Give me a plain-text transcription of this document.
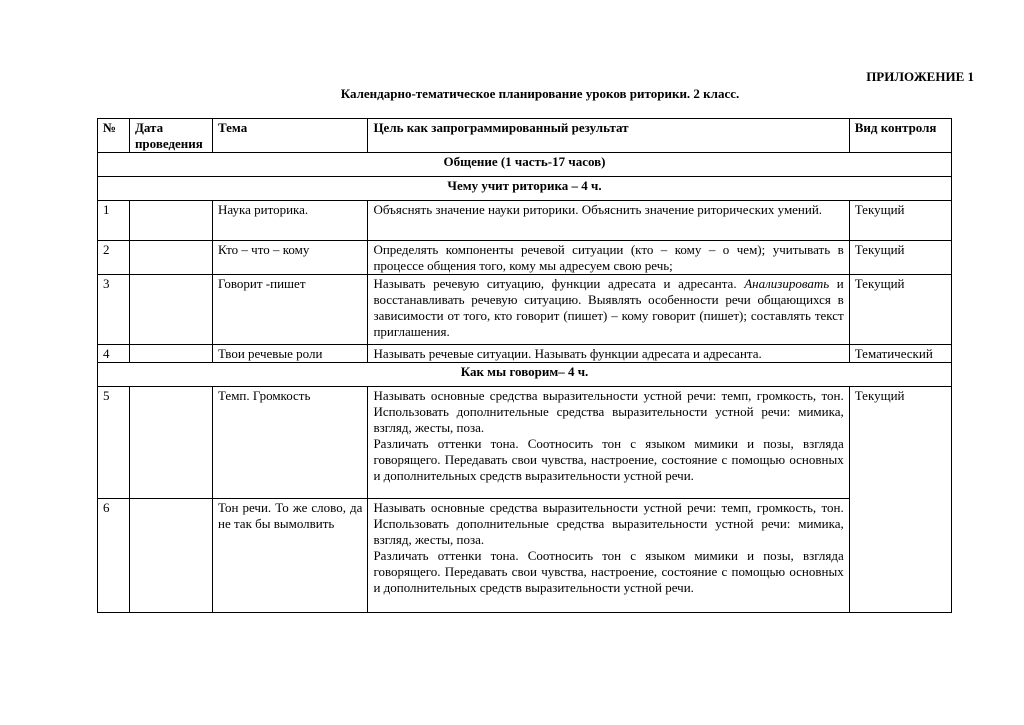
ПРИЛОЖЕНИЕ 1
Календарно-тематическое планирование уроков риторики. 2 класс.
№	Дата проведения	Тема	Цель как запрограммированный результат	Вид контроля
Общение (1 часть-17 часов)				
Чему учит риторика – 4 ч.				
1		Наука риторика.	Объяснять значение науки риторики. Объяснить значение риторических умений.	Текущий
2		Кто – что – кому	Определять компоненты речевой ситуации (кто – кому – о чем); учитывать в процессе общения того, кому мы адресуем свою речь;	Текущий
3		Говорит -пишет	Называть речевую ситуацию, функции адресата и адресанта. Анализировать и восстанавливать речевую ситуацию. Выявлять особенности речи общающихся в зависимости от того, кто говорит (пишет) – кому говорит (пишет); составлять текст приглашения.	Текущий
4		Твои речевые роли	Называть речевые ситуации. Называть функции адресата и адресанта.	Тематический
Как мы говорим– 4 ч.				
5		Темп. Громкость	Называть основные средства выразительности устной речи: темп, громкость, тон. Использовать дополнительные средства выразительности устной речи: мимика, взгляд, жесты, поза.

Различать оттенки тона. Соотносить тон с языком мимики и позы, взгляда говорящего. Передавать свои чувства, настроение, состояние с помощью основных и дополнительных средств выразительности устной речи.	Текущий
6		Тон речи. То же слово, да не так бы вымолвить	Называть основные средства выразительности устной речи: темп, громкость, тон. Использовать дополнительные средства выразительности устной речи: мимика, взгляд, жесты, поза.

Различать оттенки тона. Соотносить тон с языком мимики и позы, взгляда говорящего. Передавать свои чувства, настроение, состояние с помощью основных и дополнительных средств выразительности устной речи.	
